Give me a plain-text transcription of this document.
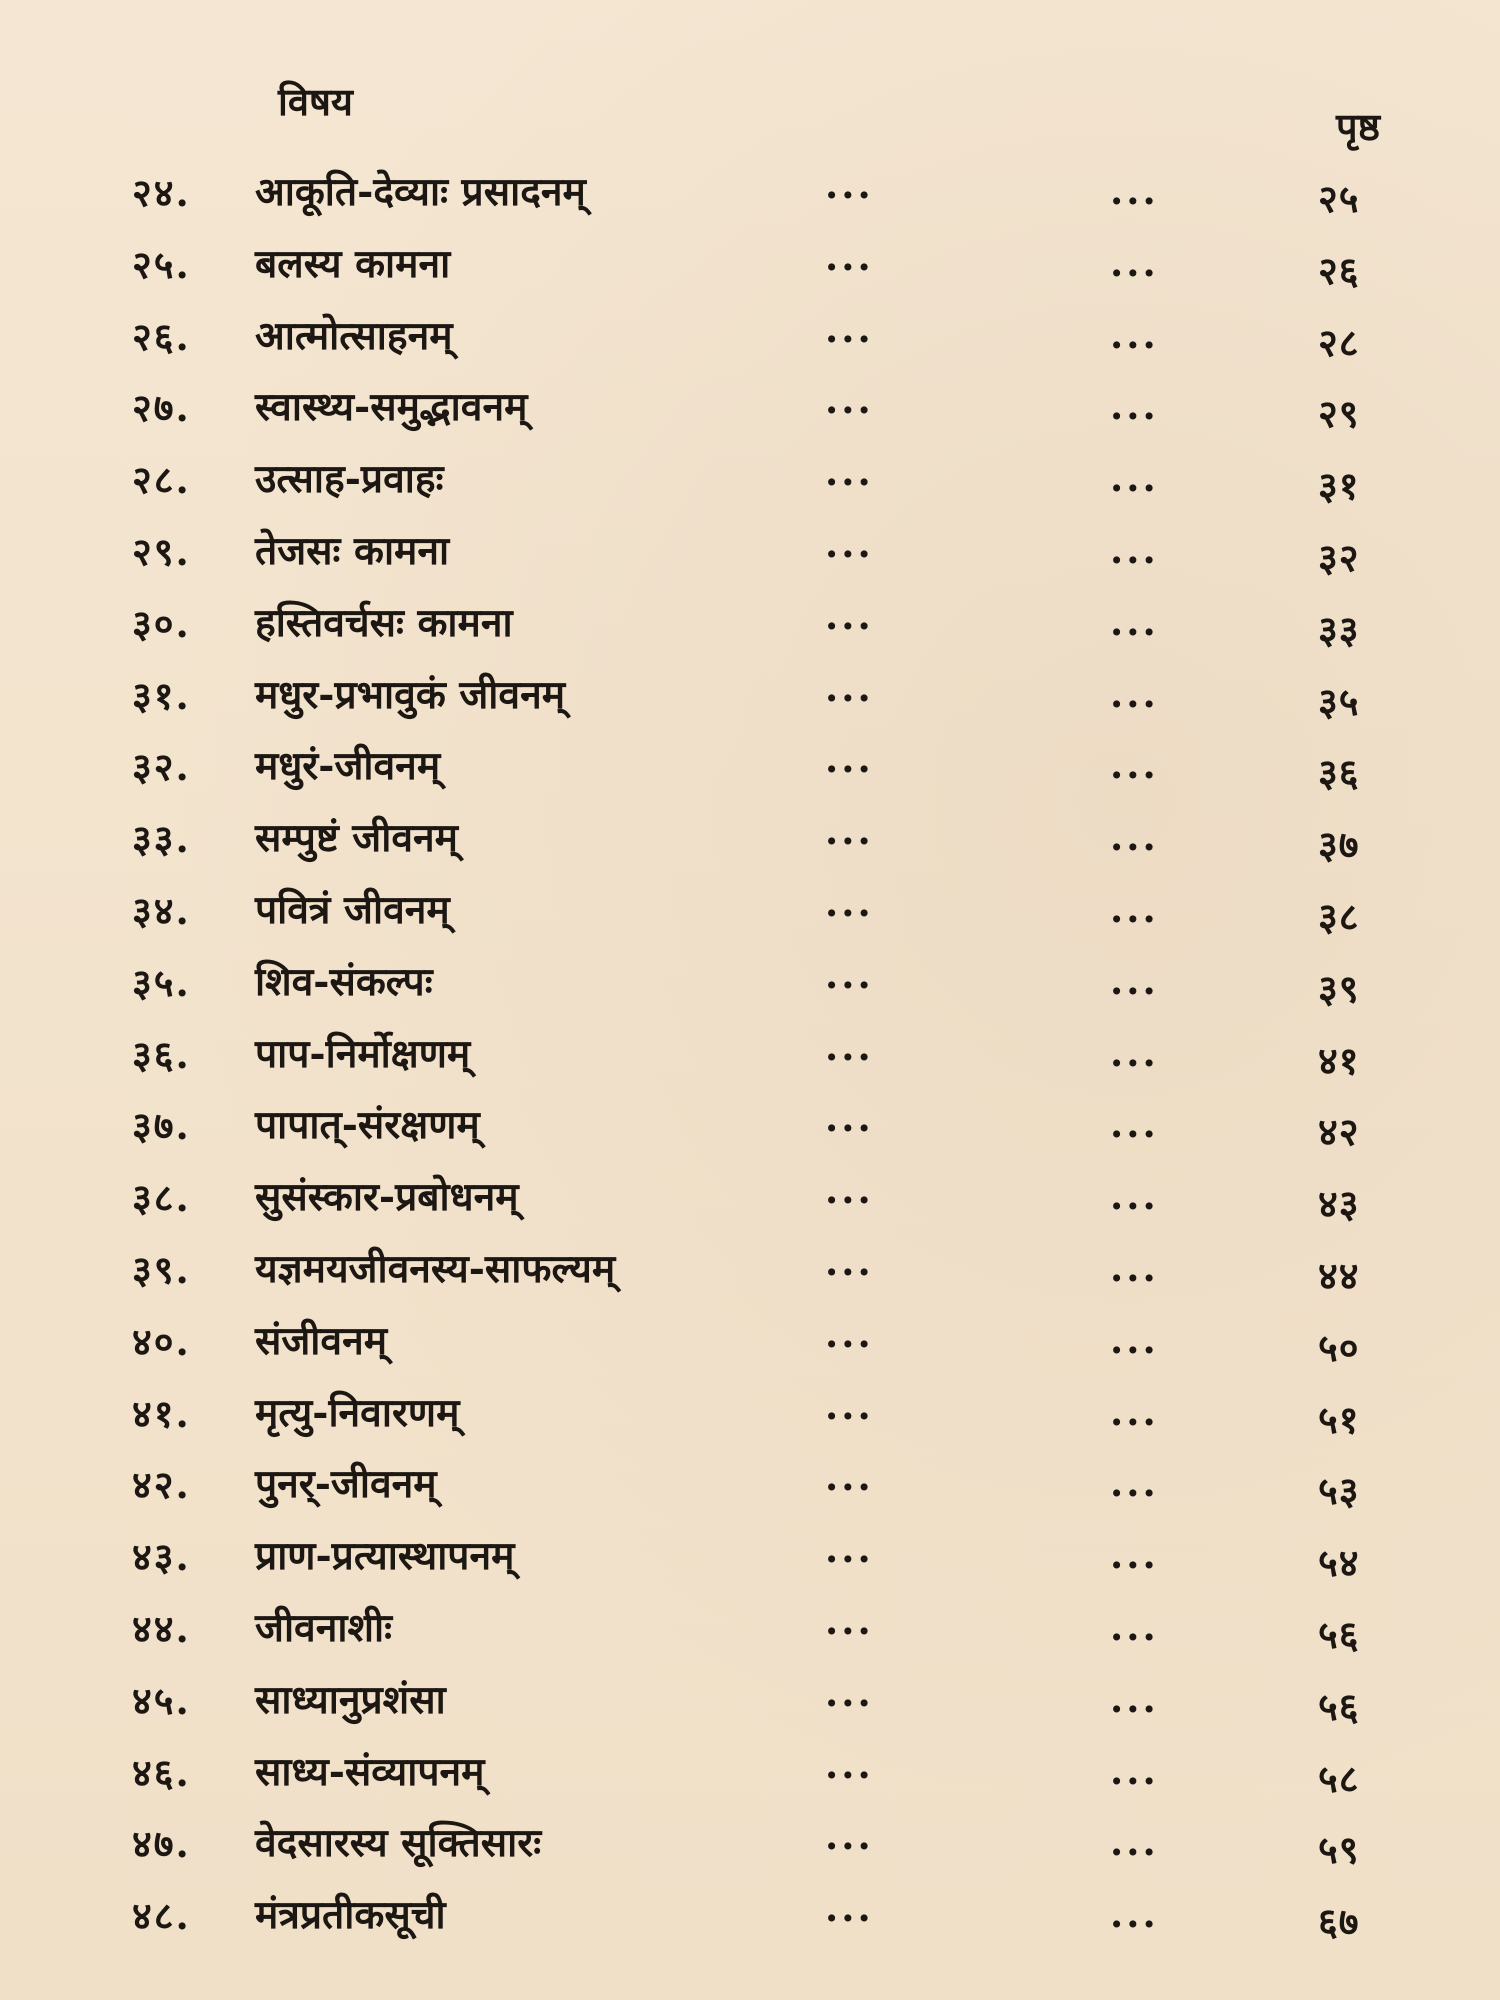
विषय
पृष्ठ
२४. आकूति-देव्याः प्रसादनम्	...	...	२५
२५. बलस्य कामना	...	...	२६
२६. आत्मोत्साहनम्	...	...	२८
२७. स्वास्थ्य-समुद्भावनम्	...	...	२९
२८. उत्साह-प्रवाहः	...	...	३१
२९. तेजसः कामना	...	...	३२
३०. हस्तिवर्चसः कामना	...	...	३३
३१. मधुर-प्रभावुकं जीवनम्	...	...	३५
३२. मधुरं-जीवनम्	...	...	३६
३३. सम्पुष्टं जीवनम्	...	...	३७
३४. पवित्रं जीवनम्	...	...	३८
३५. शिव-संकल्पः	...	...	३९
३६. पाप-निर्मोक्षणम्	...	...	४१
३७. पापात्-संरक्षणम्	...	...	४२
३८. सुसंस्कार-प्रबोधनम्	...	...	४३
३९. यज्ञमयजीवनस्य-साफल्यम्	...	...	४४
४०. संजीवनम्	...	...	५०
४१. मृत्यु-निवारणम्	...	...	५१
४२. पुनर्-जीवनम्	...	...	५३
४३. प्राण-प्रत्यास्थापनम्	...	...	५४
४४. जीवनाशीः	...	...	५६
४५. साध्यानुप्रशंसा	...	...	५६
४६. साध्य-संव्यापनम्	...	...	५८
४७. वेदसारस्य सूक्तिसारः	...	...	५९
४८. मंत्रप्रतीकसूची	...	...	६७
